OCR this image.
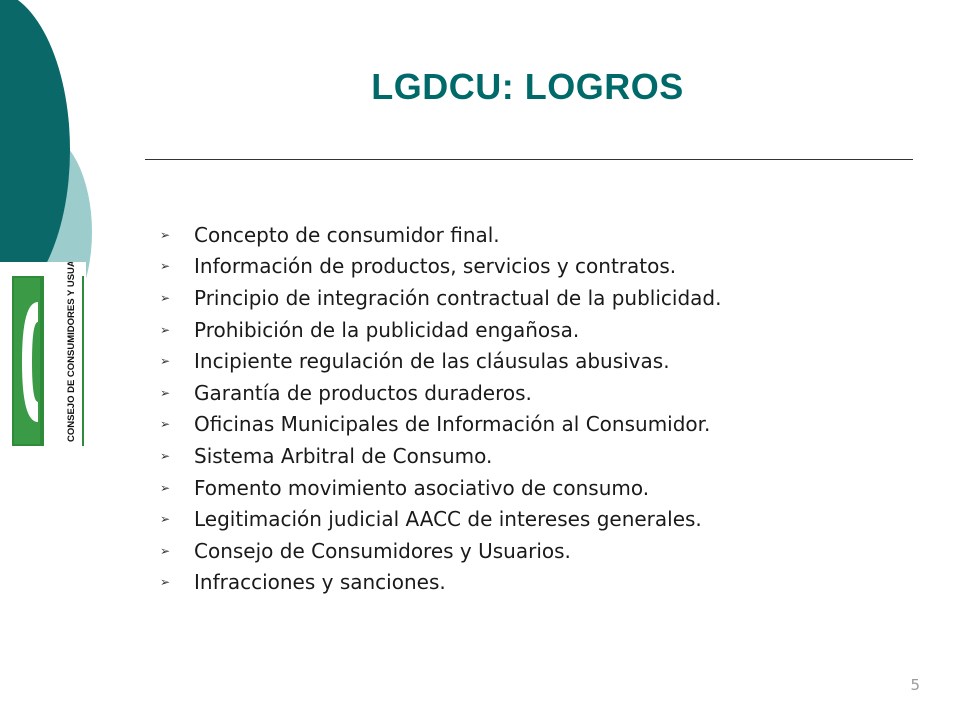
CONSEJO DE CONSUMIDORES Y USUARIOS
LGDCU: LOGROS
➢	Concepto de consumidor final.
➢	Información de productos, servicios y contratos.
➢	Principio de integración contractual de la publicidad.
➢	Prohibición de la publicidad engañosa.
➢	Incipiente regulación de las cláusulas abusivas.
➢	Garantía de productos duraderos.
➢	Oficinas Municipales de Información al Consumidor.
➢	Sistema Arbitral de Consumo.
➢	Fomento movimiento asociativo de consumo.
➢	Legitimación judicial AACC de intereses generales.
➢	Consejo de Consumidores y Usuarios.
➢	Infracciones y sanciones.
5
